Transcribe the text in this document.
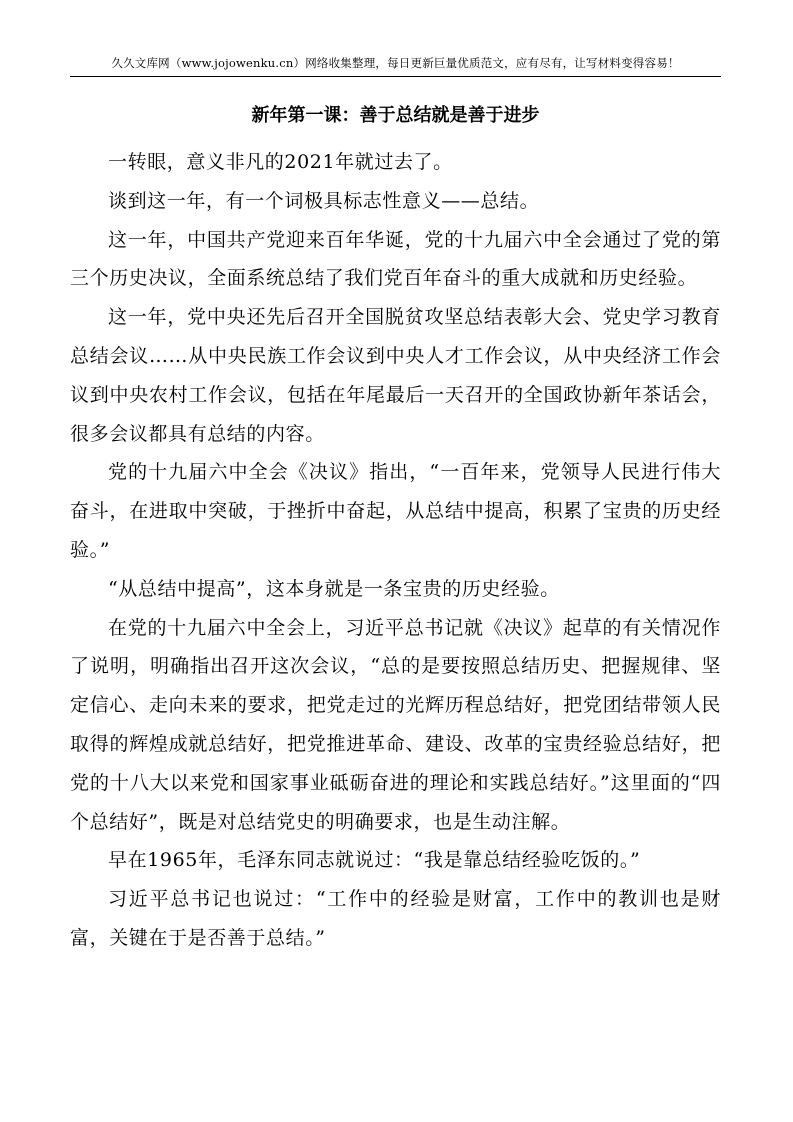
久久文库网（www.jojowenku.cn）网络收集整理，每日更新巨量优质范文，应有尽有，让写材料变得容易！
新年第一课：善于总结就是善于进步

一转眼，意义非凡的2021年就过去了。

谈到这一年，有一个词极具标志性意义——总结。

这一年，中国共产党迎来百年华诞，党的十九届六中全会通过了党的第三个历史决议，全面系统总结了我们党百年奋斗的重大成就和历史经验。

这一年，党中央还先后召开全国脱贫攻坚总结表彰大会、党史学习教育总结会议……从中央民族工作会议到中央人才工作会议，从中央经济工作会议到中央农村工作会议，包括在年尾最后一天召开的全国政协新年茶话会，很多会议都具有总结的内容。

党的十九届六中全会《决议》指出，“一百年来，党领导人民进行伟大奋斗，在进取中突破，于挫折中奋起，从总结中提高，积累了宝贵的历史经验。”

“从总结中提高”，这本身就是一条宝贵的历史经验。

在党的十九届六中全会上，习近平总书记就《决议》起草的有关情况作了说明，明确指出召开这次会议，“总的是要按照总结历史、把握规律、坚定信心、走向未来的要求，把党走过的光辉历程总结好，把党团结带领人民取得的辉煌成就总结好，把党推进革命、建设、改革的宝贵经验总结好，把党的十八大以来党和国家事业砥砺奋进的理论和实践总结好。”这里面的“四个总结好”，既是对总结党史的明确要求，也是生动注解。

早在1965年，毛泽东同志就说过：“我是靠总结经验吃饭的。”

习近平总书记也说过：“工作中的经验是财富，工作中的教训也是财富，关键在于是否善于总结。”
